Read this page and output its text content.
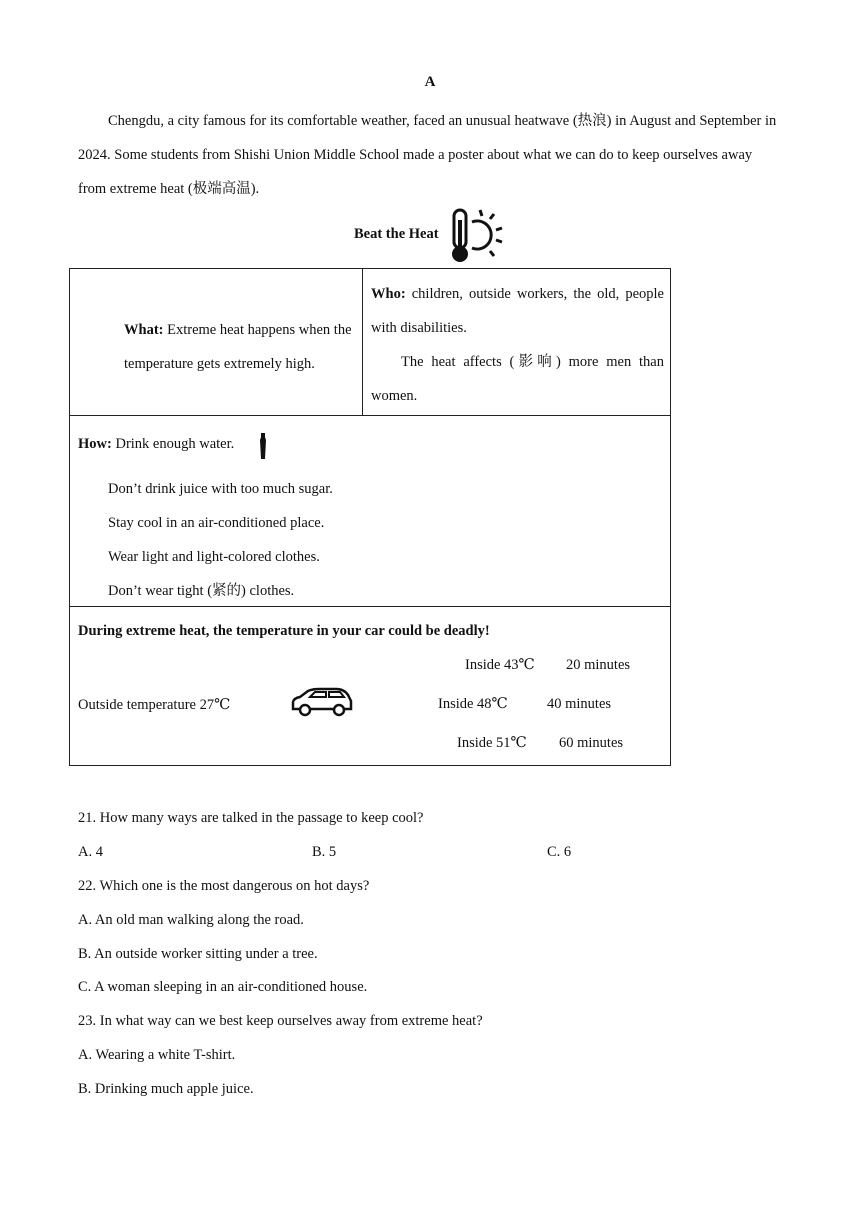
A
Chengdu, a city famous for its comfortable weather, faced an unusual heatwave (热浪) in August and September in 2024. Some students from Shishi Union Middle School made a poster about what we can do to keep ourselves away from extreme heat (极端高温).
Beat the Heat
What: Extreme heat happens when the temperature gets extremely high.

Who: children, outside workers, the old, people with disabilities.
The heat affects (影响) more men than women.

How: Drink enough water.
Don’t drink juice with too much sugar.
Stay cool in an air-conditioned place.
Wear light and light-colored clothes.
Don’t wear tight (紧的) clothes.

During extreme heat, the temperature in your car could be deadly!
Outside temperature 27℃
Inside 43℃ 20 minutes
Inside 48℃	40 minutes
Inside 51℃ 60 minutes
21. How many ways are talked in the passage to keep cool?
A. 4	B. 5	C. 6
22. Which one is the most dangerous on hot days?
A. An old man walking along the road.
B. An outside worker sitting under a tree.
C. A woman sleeping in an air-conditioned house.
23. In what way can we best keep ourselves away from extreme heat?
A. Wearing a white T-shirt.
B. Drinking much apple juice.
